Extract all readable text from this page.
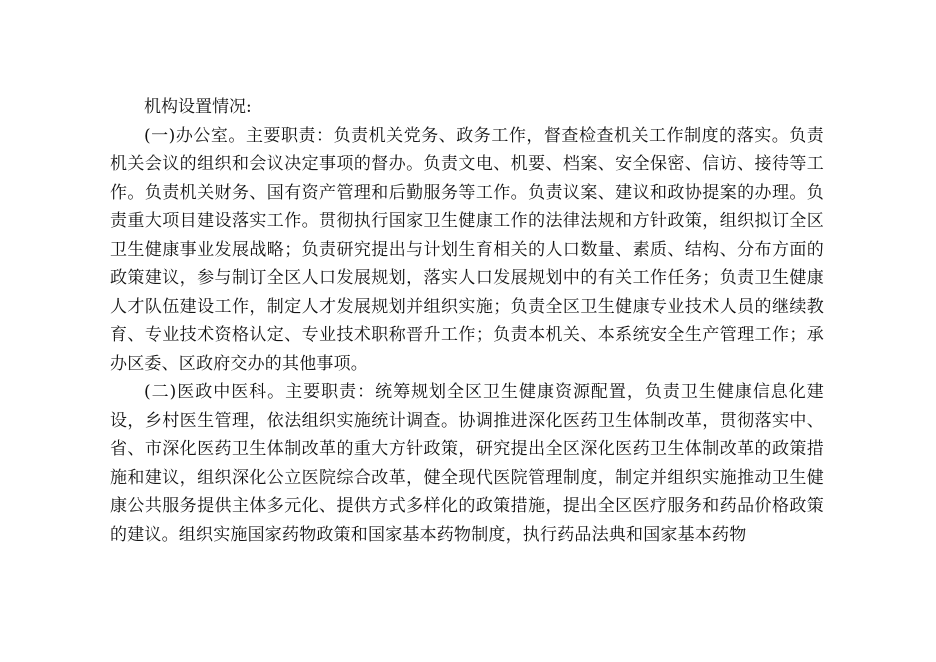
机构设置情况:

(一)办公室。主要职责：负责机关党务、政务工作，督查检查机关工作制度的落实。负责机关会议的组织和会议决定事项的督办。负责文电、机要、档案、安全保密、信访、接待等工作。负责机关财务、国有资产管理和后勤服务等工作。负责议案、建议和政协提案的办理。负责重大项目建设落实工作。贯彻执行国家卫生健康工作的法律法规和方针政策，组织拟订全区卫生健康事业发展战略；负责研究提出与计划生育相关的人口数量、素质、结构、分布方面的政策建议，参与制订全区人口发展规划，落实人口发展规划中的有关工作任务；负责卫生健康人才队伍建设工作，制定人才发展规划并组织实施；负责全区卫生健康专业技术人员的继续教育、专业技术资格认定、专业技术职称晋升工作；负责本机关、本系统安全生产管理工作；承办区委、区政府交办的其他事项。

(二)医政中医科。主要职责：统筹规划全区卫生健康资源配置，负责卫生健康信息化建设，乡村医生管理，依法组织实施统计调查。协调推进深化医药卫生体制改革，贯彻落实中、省、市深化医药卫生体制改革的重大方针政策，研究提出全区深化医药卫生体制改革的政策措施和建议，组织深化公立医院综合改革，健全现代医院管理制度，制定并组织实施推动卫生健康公共服务提供主体多元化、提供方式多样化的政策措施，提出全区医疗服务和药品价格政策的建议。组织实施国家药物政策和国家基本药物制度，执行药品法典和国家基本药物
